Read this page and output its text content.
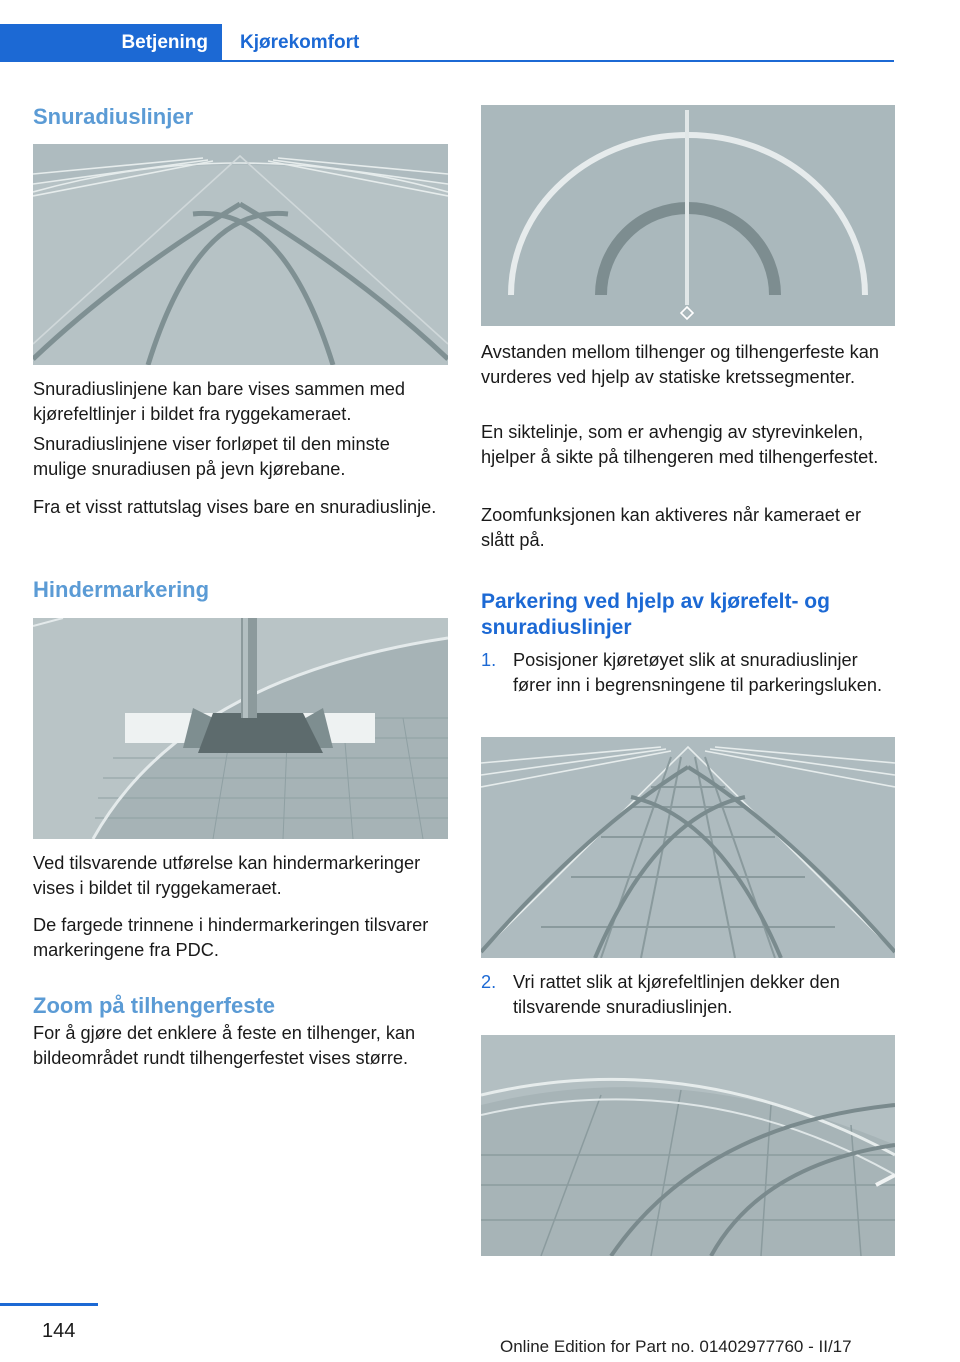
Betjening	Kjørekomfort
Snuradiuslinjer

Snuradiuslinjene kan bare vises sammen med kjørefeltlinjer i bildet fra ryggekameraet.

Snuradiuslinjene viser forløpet til den minste mulige snuradiusen på jevn kjørebane.

Fra et visst rattutslag vises bare en snuradiuslinje.

Hindermarkering

Ved tilsvarende utførelse kan hindermarkeringer vises i bildet til ryggekameraet.

De fargede trinnene i hindermarkeringen tilsvarer markeringene fra PDC.

Zoom på tilhengerfeste

For å gjøre det enklere å feste en tilhenger, kan bildeområdet rundt tilhengerfestet vises større.

Avstanden mellom tilhenger og tilhengerfeste kan vurderes ved hjelp av statiske kretssegmenter.

En siktelinje, som er avhengig av styrevinkelen, hjelper å sikte på tilhengeren med tilhengerfestet.

Zoomfunksjonen kan aktiveres når kameraet er slått på.

Parkering ved hjelp av kjørefelt- og snuradiuslinjer
1. Posisjoner kjøretøyet slik at snuradiuslinjer fører inn i begrensningene til parkeringsluken.

2. Vri rattet slik at kjørefeltlinjen dekker den tilsvarende snuradiuslinjen.

144
Online Edition for Part no. 01402977760 - II/17
